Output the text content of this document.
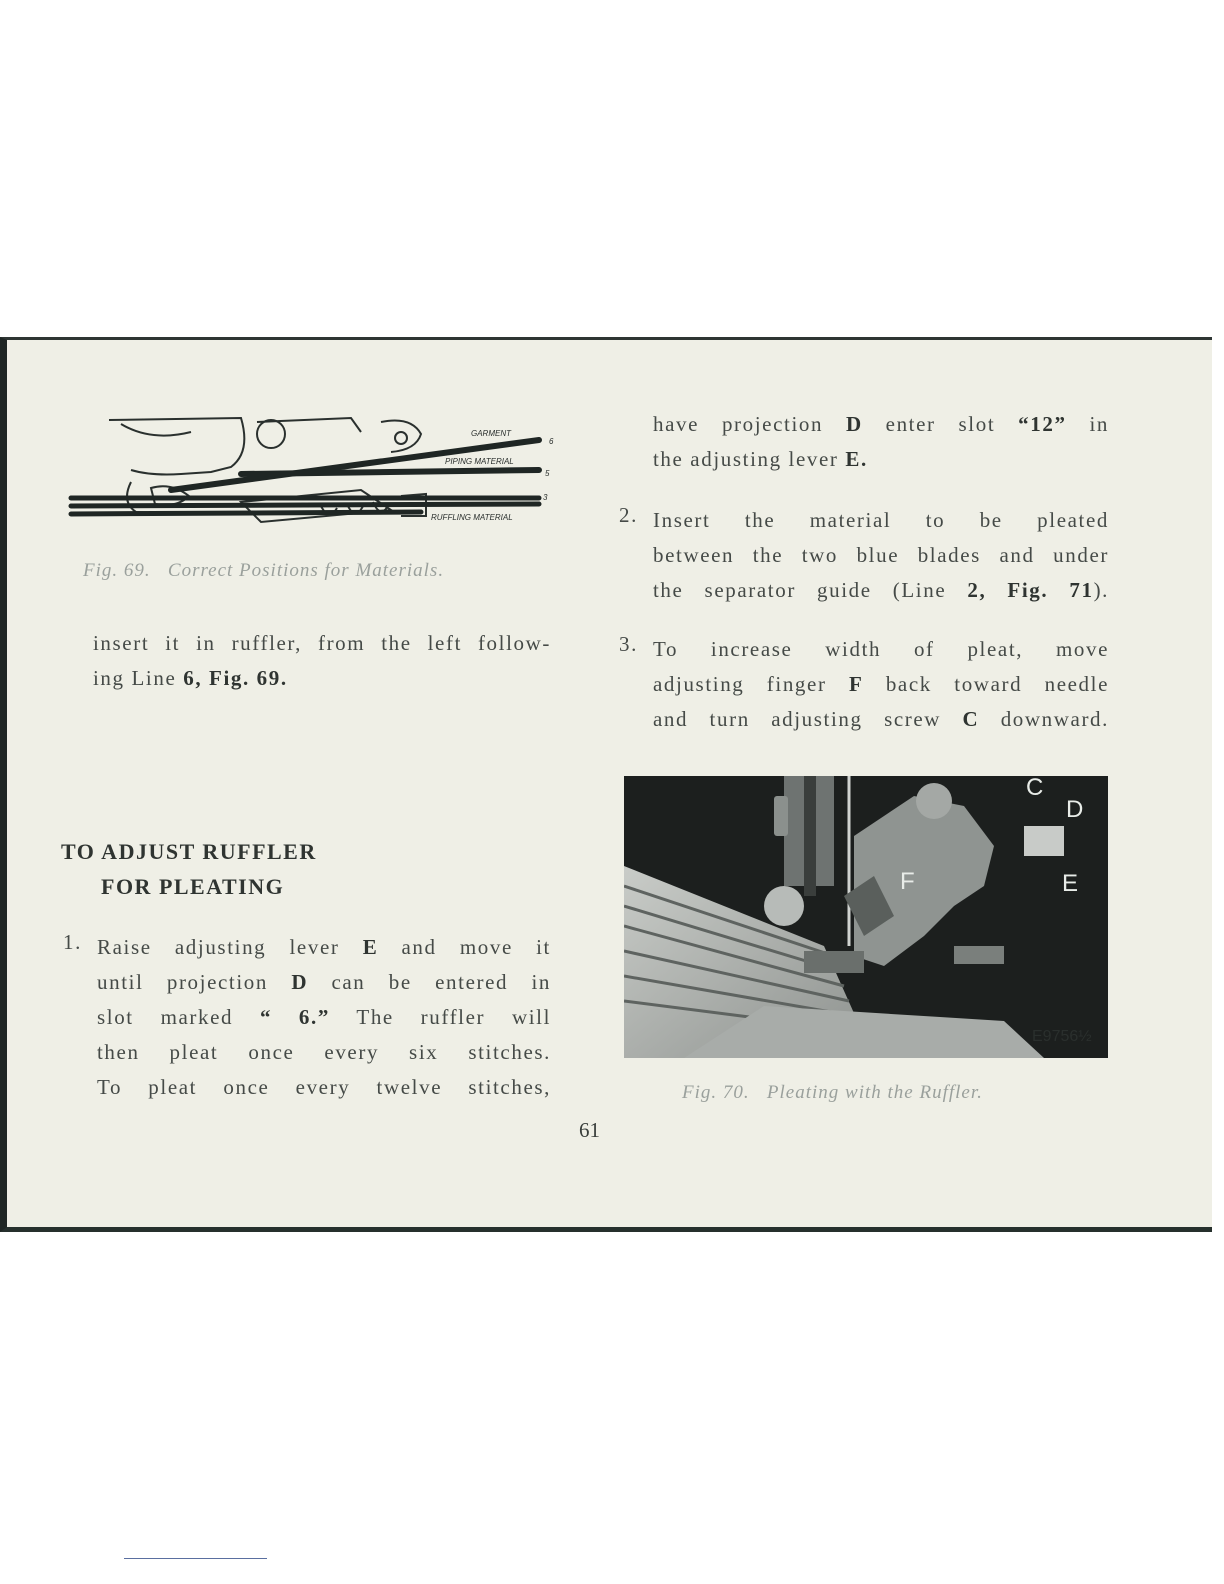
GARMENT
6
PIPING MATERIAL
5
RUFFLING MATERIAL
3
Fig. 69. Correct Positions for Materials.
insert it in ruffler, from the left follow-
ing Line 6, Fig. 69.
TO ADJUST RUFFLER
FOR PLEATING
1. Raise adjusting lever E and move it
until projection D can be entered in
slot marked “ 6.” The ruffler will
then pleat once every six stitches.
To pleat once every twelve stitches,
have projection D enter slot “12” in
the adjusting lever E.
2. Insert the material to be pleated
between the two blue blades and under
the separator guide (Line 2, Fig. 71).
3. To increase width of pleat, move
adjusting finger F back toward needle
and turn adjusting screw C downward.
C
D
E
F
E9756½
Fig. 70. Pleating with the Ruffler.
61
